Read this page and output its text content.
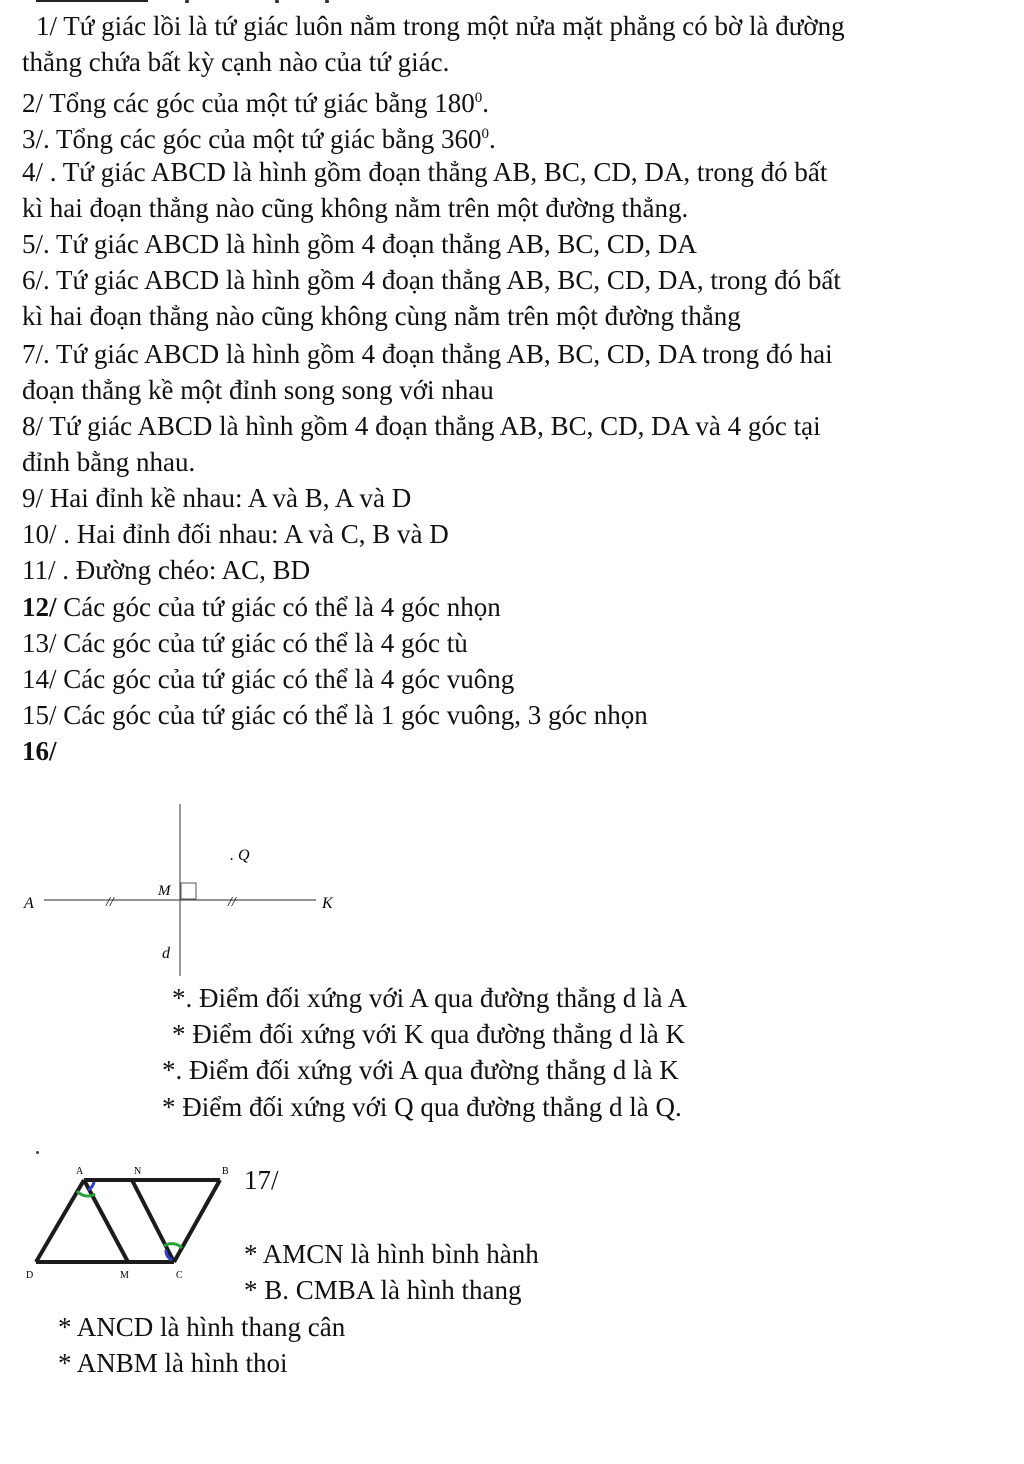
1/ Tứ giác lồi là tứ giác luôn nằm trong một nửa mặt phẳng có bờ là đường
thẳng chứa bất kỳ cạnh nào của tứ giác.
2/ Tổng các góc của một tứ giác bằng $180^0$.
3/. Tổng các góc của một tứ giác bằng $360^0$.
4/ . Tứ giác ABCD là hình gồm đoạn thẳng AB, BC, CD, DA, trong đó bất
kì hai đoạn thẳng nào cũng không nằm trên một đường thẳng.
5/. Tứ giác ABCD là hình gồm 4 đoạn thẳng AB, BC, CD, DA
6/. Tứ giác ABCD là hình gồm 4 đoạn thẳng AB, BC, CD, DA, trong đó bất
kì hai đoạn thẳng nào cũng không cùng nằm trên một đường thẳng
7/. Tứ giác ABCD là hình gồm 4 đoạn thẳng AB, BC, CD, DA trong đó hai
đoạn thẳng kề một đỉnh song song với nhau
8/ Tứ giác ABCD là hình gồm 4 đoạn thẳng AB, BC, CD, DA và 4 góc tại
đỉnh bằng nhau.
9/ Hai đỉnh kề nhau: A và B, A và D
10/ . Hai đỉnh đối nhau: A và C, B và D
11/ . Đường chéo: AC, BD
12/ Các góc của tứ giác có thể là 4 góc nhọn
13/ Các góc của tứ giác có thể là 4 góc tù
14/ Các góc của tứ giác có thể là 4 góc vuông
15/ Các góc của tứ giác có thể là 1 góc vuông, 3 góc nhọn
16/
A	//
M
//	K
. Q
d
*. Điểm đối xứng với A qua đường thẳng d là A
* Điểm đối xứng với K qua đường thẳng d là K
*. Điểm đối xứng với A qua đường thẳng d là K
* Điểm đối xứng với Q qua đường thẳng d là Q.
A	N	B
D	M	C
17/
* AMCN là hình bình hành
* B. CMBA là hình thang
* ANCD là hình thang cân
* ANBM là hình thoi
